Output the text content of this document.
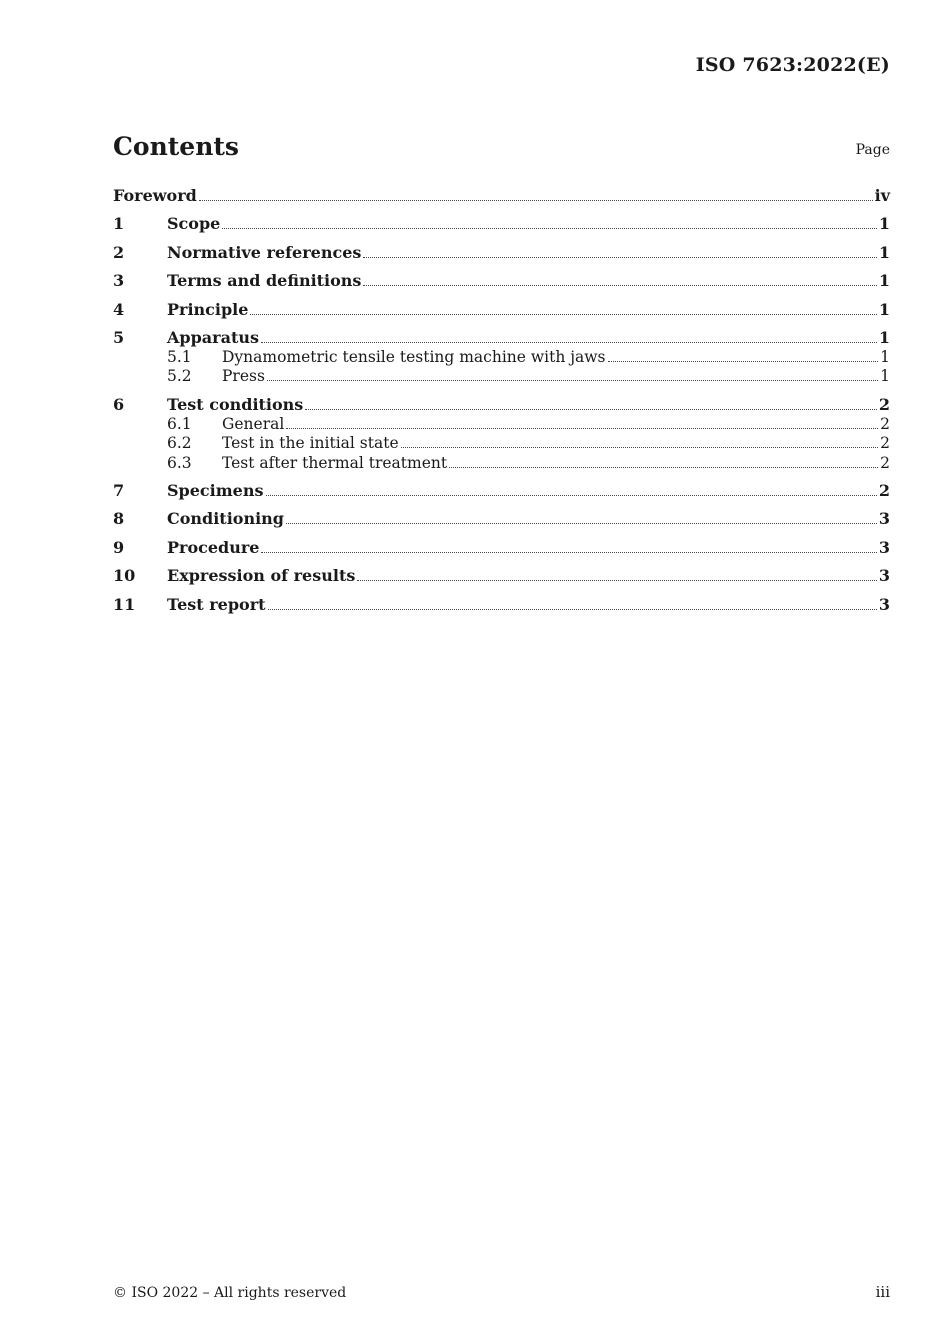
ISO 7623:2022(E)
Contents	Page
Foreword	iv
1	Scope	1
2	Normative references	1
3	Terms and definitions	1
4	Principle	1
5	Apparatus	1
5.1	Dynamometric tensile testing machine with jaws	1
5.2	Press	1
6	Test conditions	2
6.1	General	2
6.2	Test in the initial state	2
6.3	Test after thermal treatment	2
7	Specimens	2
8	Conditioning	3
9	Procedure	3
10	Expression of results	3
11	Test report	3
© ISO 2022 – All rights reserved	iii
